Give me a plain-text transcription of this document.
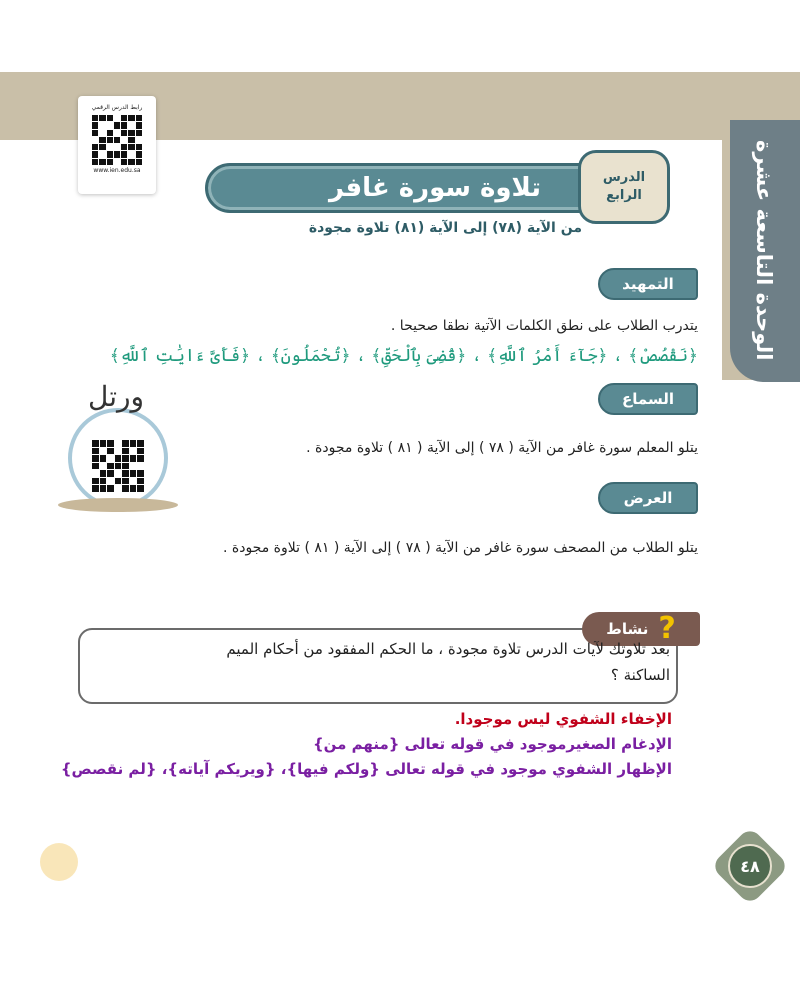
الوحدة التاسعة عشرة
رابط الدرس الرقمي
www.ien.edu.sa
تلاوة سورة غافر	الدرس
الرابع
من الآية (٧٨) إلى الآية (٨١) تلاوة مجودة
التمهيد
يتدرب الطلاب على نطق الكلمات الآتية نطقا صحيحا .
﴿نَقْصُصْ﴾ ، ﴿جَآءَ أَمْرُ ٱللَّهِ﴾ ، ﴿قُضِىَ بِٱلْحَقِّ﴾ ، ﴿تُحْمَلُونَ﴾ ، ﴿فَأَىَّ ءَايَٰتِ ٱللَّهِ﴾
ورتل	السماع
يتلو المعلم سورة غافر من الآية ( ٧٨ ) إلى الآية ( ٨١ ) تلاوة مجودة .
العرض
يتلو الطلاب من المصحف سورة غافر من الآية ( ٧٨ ) إلى الآية ( ٨١ ) تلاوة مجودة .
?
نشاط
بعد تلاوتك لآيات الدرس تلاوة مجودة ، ما الحكم المفقود من أحكام الميم الساكنة ؟
الإخفاء الشفوي ليس موجودا.
الإدغام الصغيرموجود في قوله تعالى {منهم من}
الإظهار الشفوي موجود في قوله تعالى {ولكم فيها}، {ويريكم آياته}، {لم نقصص}
٤٨
